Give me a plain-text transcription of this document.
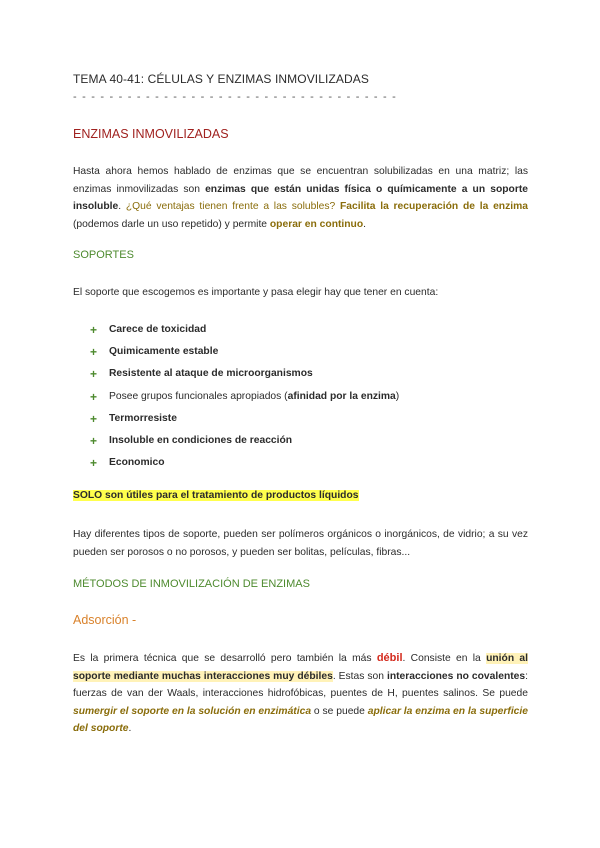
TEMA 40-41: CÉLULAS Y ENZIMAS INMOVILIZADAS
- - - - - - - - - - - - - - - - - - - - - - - - - - - - - - - - - - - -
ENZIMAS INMOVILIZADAS
Hasta ahora hemos hablado de enzimas que se encuentran solubilizadas en una matriz; las enzimas inmovilizadas son enzimas que están unidas física o químicamente a un soporte insoluble. ¿Qué ventajas tienen frente a las solubles? Facilita la recuperación de la enzima (podemos darle un uso repetido) y permite operar en continuo.
SOPORTES
El soporte que escogemos es importante y pasa elegir hay que tener en cuenta:
+	Carece de toxicidad
+	Quimicamente estable
+	Resistente al ataque de microorganismos
+	Posee grupos funcionales apropiados (afinidad por la enzima)
+	Termorresiste
+	Insoluble en condiciones de reacción
+	Economico
SOLO son útiles para el tratamiento de productos líquidos
Hay diferentes tipos de soporte, pueden ser polímeros orgánicos o inorgánicos, de vidrio; a su vez pueden ser porosos o no porosos, y pueden ser bolitas, películas, fibras...
MÉTODOS DE INMOVILIZACIÓN DE ENZIMAS
Adsorción -
Es la primera técnica que se desarrolló pero también la más débil. Consiste en la unión al soporte mediante muchas interacciones muy débiles. Estas son interacciones no covalentes: fuerzas de van der Waals, interacciones hidrofóbicas, puentes de H, puentes salinos. Se puede sumergir el soporte en la solución en enzimática o se puede aplicar la enzima en la superficie del soporte.
